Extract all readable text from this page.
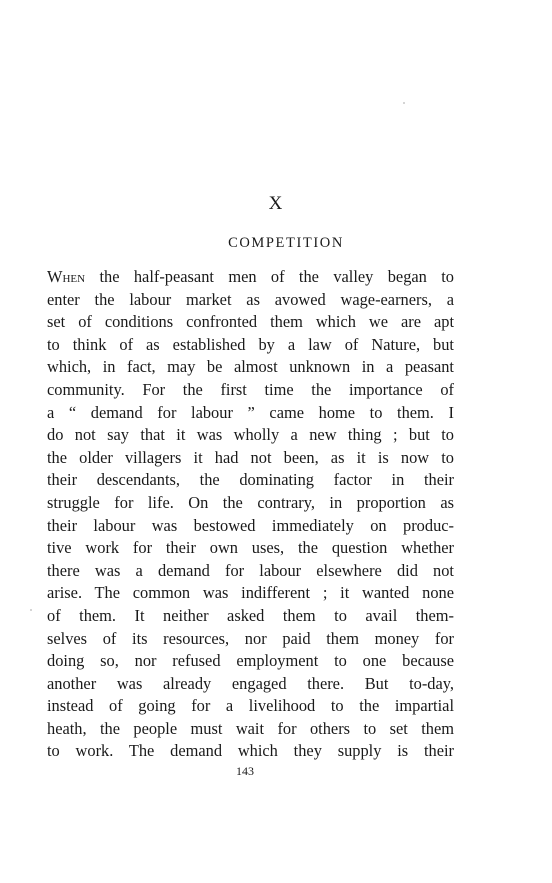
X
COMPETITION

When the half-peasant men of the valley began to
enter the labour market as avowed wage-earners, a
set of conditions confronted them which we are apt
to think of as established by a law of Nature, but
which, in fact, may be almost unknown in a peasant
community. For the first time the importance of
a “ demand for labour ” came home to them. I
do not say that it was wholly a new thing ; but to
the older villagers it had not been, as it is now to
their descendants, the dominating factor in their
struggle for life. On the contrary, in proportion as
their labour was bestowed immediately on produc-
tive work for their own uses, the question whether
there was a demand for labour elsewhere did not
arise. The common was indifferent ; it wanted none
of them. It neither asked them to avail them-
selves of its resources, nor paid them money for
doing so, nor refused employment to one because
another was already engaged there. But to-day,
instead of going for a livelihood to the impartial
heath, the people must wait for others to set them
to work. The demand which they supply is their

143
